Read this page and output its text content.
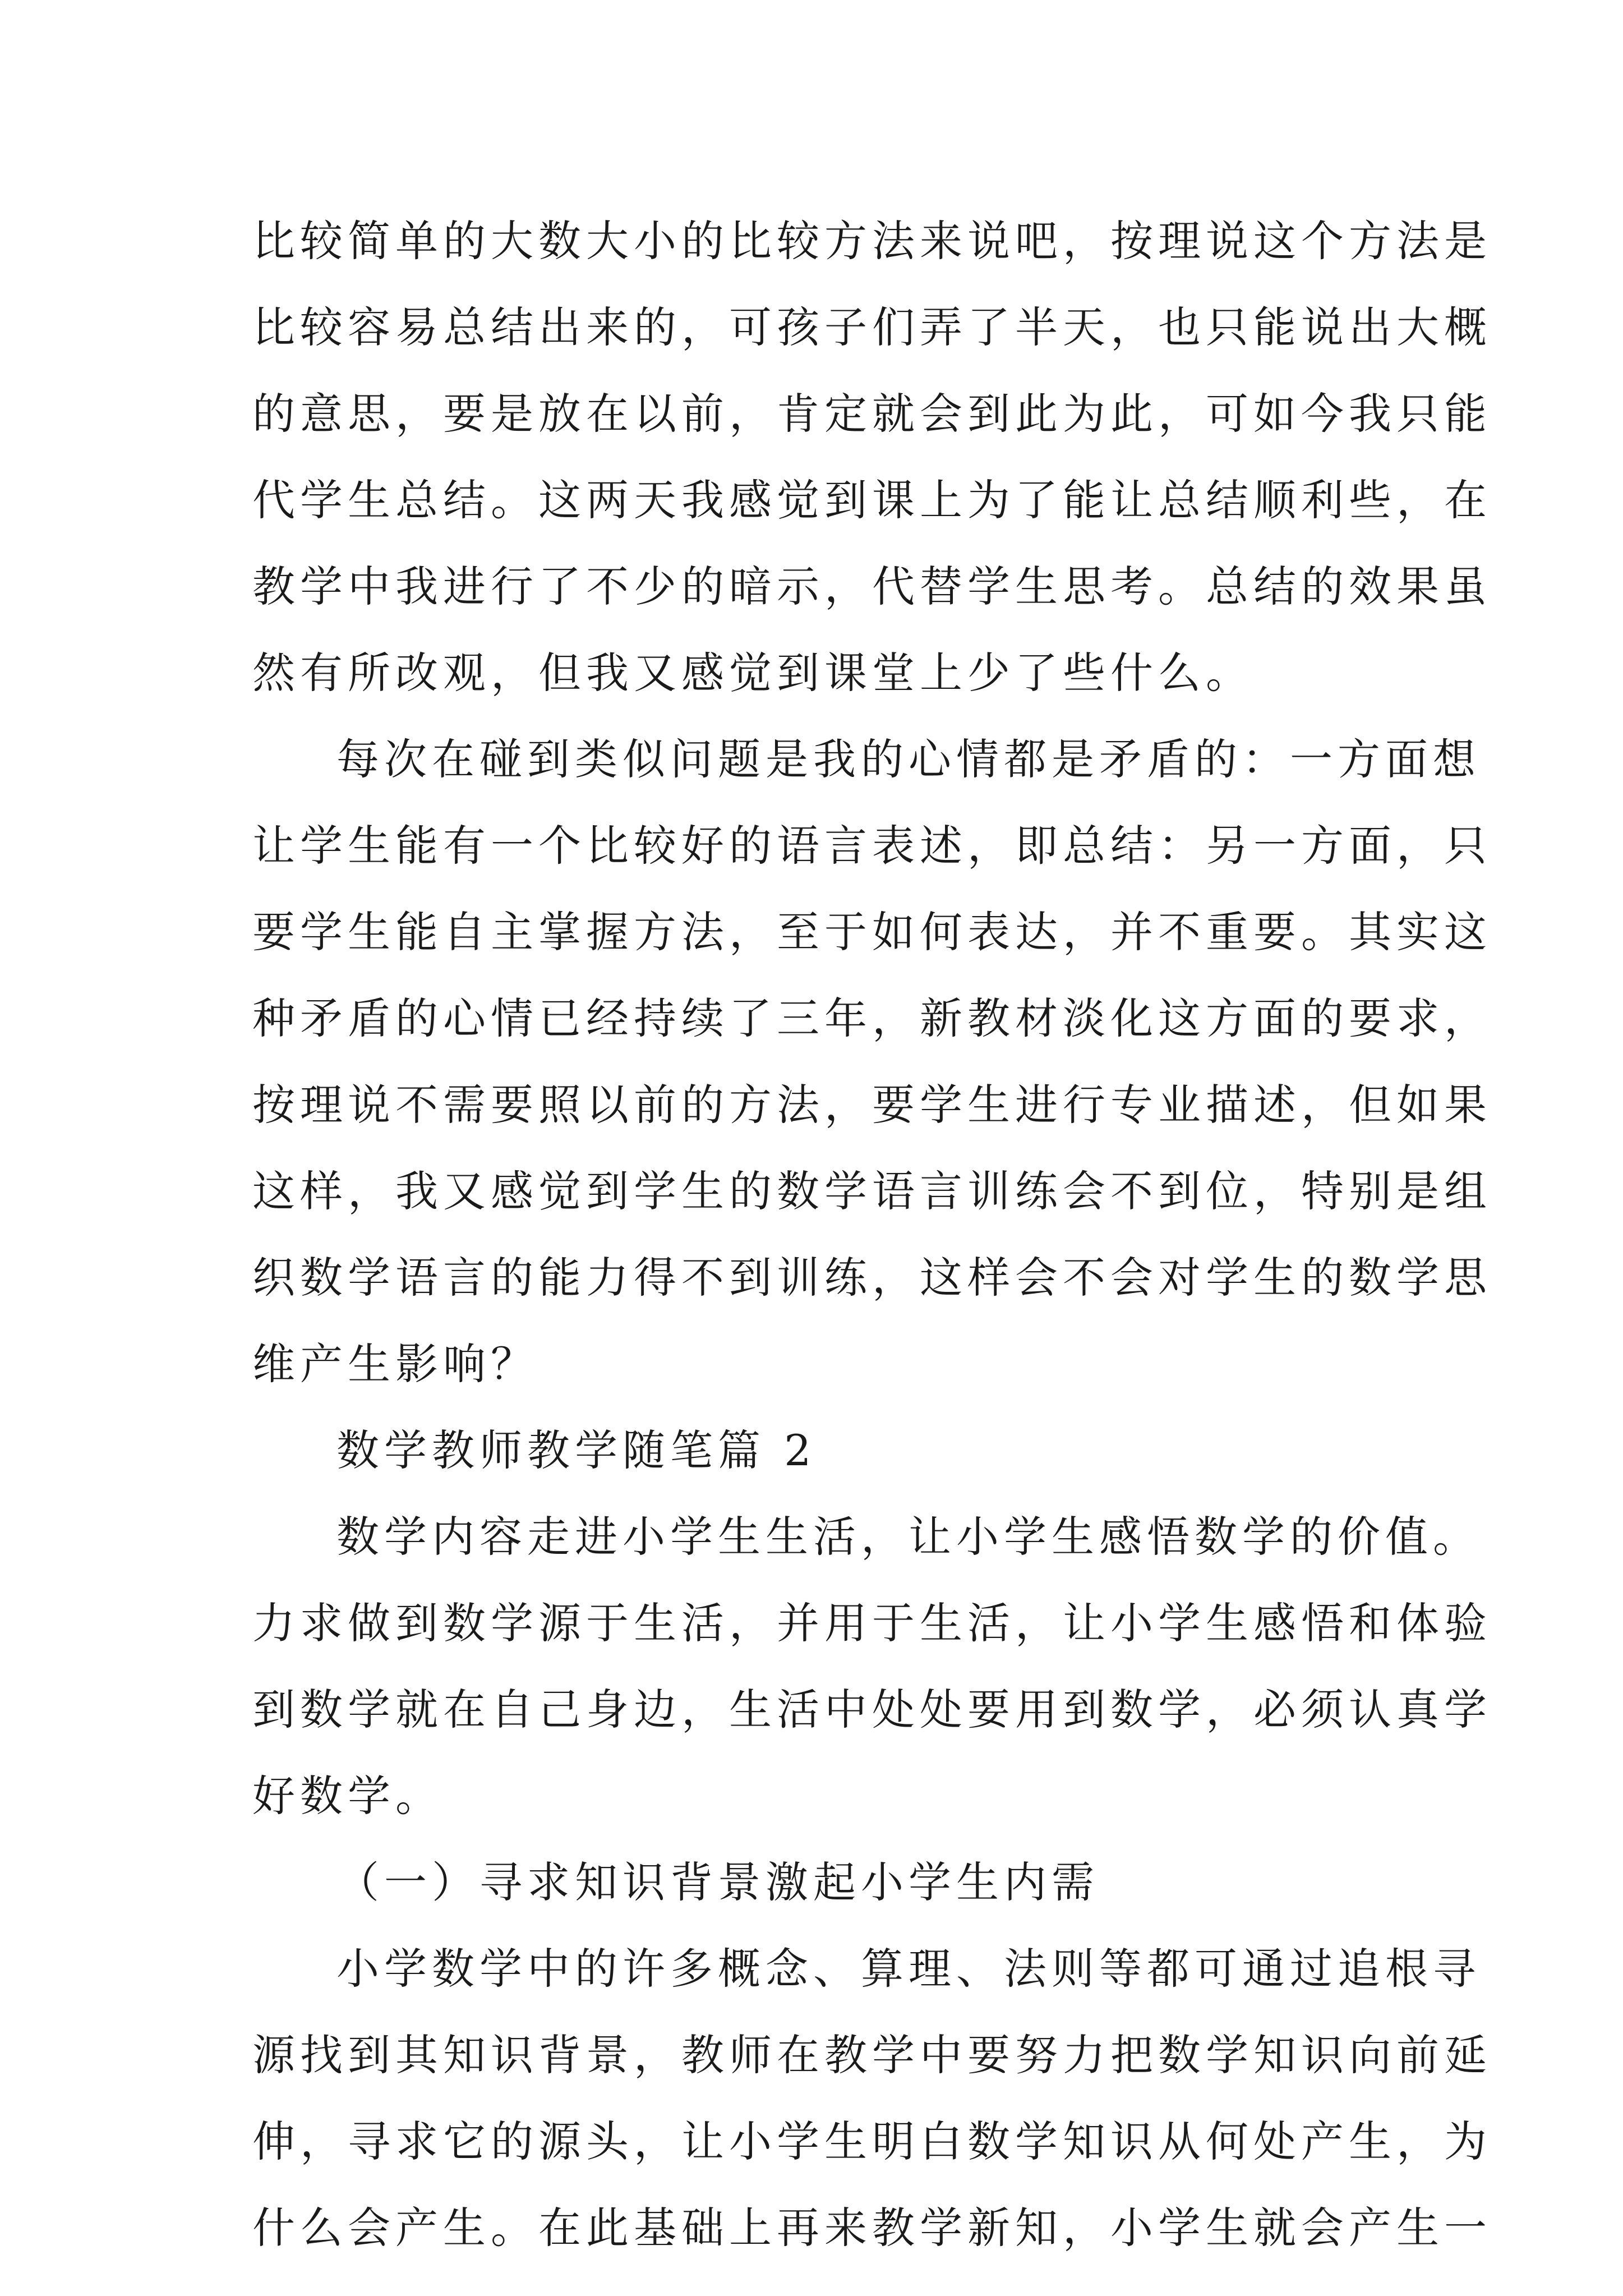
比较简单的大数大小的比较方法来说吧，按理说这个方法是

比较容易总结出来的，可孩子们弄了半天，也只能说出大概

的意思，要是放在以前，肯定就会到此为此，可如今我只能

代学生总结。这两天我感觉到课上为了能让总结顺利些，在

教学中我进行了不少的暗示，代替学生思考。总结的效果虽

然有所改观，但我又感觉到课堂上少了些什么。

每次在碰到类似问题是我的心情都是矛盾的：一方面想

让学生能有一个比较好的语言表述，即总结：另一方面，只

要学生能自主掌握方法，至于如何表达，并不重要。其实这

种矛盾的心情已经持续了三年，新教材淡化这方面的要求，

按理说不需要照以前的方法，要学生进行专业描述，但如果

这样，我又感觉到学生的数学语言训练会不到位，特别是组

织数学语言的能力得不到训练，这样会不会对学生的数学思

维产生影响？

数学教师教学随笔篇 2

数学内容走进小学生生活，让小学生感悟数学的价值。

力求做到数学源于生活，并用于生活，让小学生感悟和体验

到数学就在自己身边，生活中处处要用到数学，必须认真学

好数学。

（一）寻求知识背景激起小学生内需

小学数学中的许多概念、算理、法则等都可通过追根寻

源找到其知识背景，教师在教学中要努力把数学知识向前延

伸，寻求它的源头，让小学生明白数学知识从何处产生，为

什么会产生。在此基础上再来教学新知，小学生就会产生一
